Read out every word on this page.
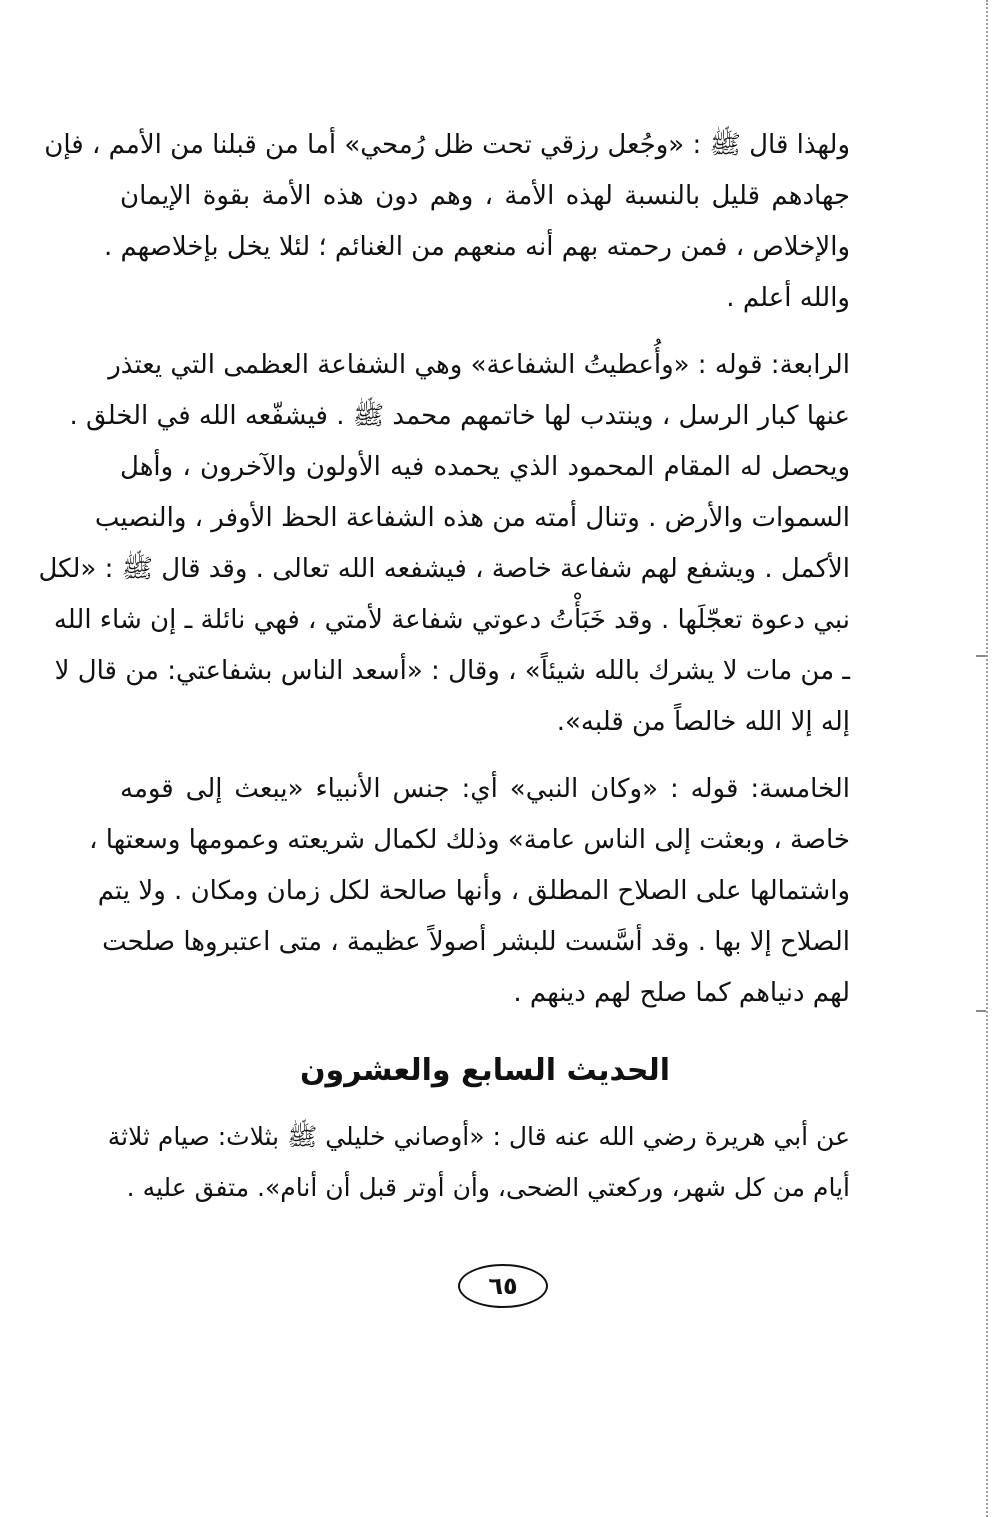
ولهذا قال ﷺ : «وجُعل رزقي تحت ظل رُمحي» أما من قبلنا من الأمم ، فإن
جهادهم قليل بالنسبة لهذه الأمة ، وهم دون هذه الأمة بقوة الإيمان
والإخلاص ، فمن رحمته بهم أنه منعهم من الغنائم ؛ لئلا يخل بإخلاصهم .
والله أعلم .
الرابعة: قوله : «وأُعطيتُ الشفاعة» وهي الشفاعة العظمى التي يعتذر
عنها كبار الرسل ، وينتدب لها خاتمهم محمد ﷺ . فيشفّعه الله في الخلق .
ويحصل له المقام المحمود الذي يحمده فيه الأولون والآخرون ، وأهل
السموات والأرض . وتنال أمته من هذه الشفاعة الحظ الأوفر ، والنصيب
الأكمل . ويشفع لهم شفاعة خاصة ، فيشفعه الله تعالى . وقد قال ﷺ : «لكل
نبي دعوة تعجّلَها . وقد خَبَأْتُ دعوتي شفاعة لأمتي ، فهي نائلة ـ إن شاء الله
ـ من مات لا يشرك بالله شيئاً» ، وقال : «أسعد الناس بشفاعتي: من قال لا
إله إلا الله خالصاً من قلبه».
الخامسة: قوله : «وكان النبي» أي: جنس الأنبياء «يبعث إلى قومه
خاصة ، وبعثت إلى الناس عامة» وذلك لكمال شريعته وعمومها وسعتها ،
واشتمالها على الصلاح المطلق ، وأنها صالحة لكل زمان ومكان . ولا يتم
الصلاح إلا بها . وقد أسَّست للبشر أصولاً عظيمة ، متى اعتبروها صلحت
لهم دنياهم كما صلح لهم دينهم .
الحديث السابع والعشرون
عن أبي هريرة رضي الله عنه قال : «أوصاني خليلي ﷺ بثلاث: صيام ثلاثة
أيام من كل شهر، وركعتي الضحى، وأن أوتر قبل أن أنام». متفق عليه .
٦٥
